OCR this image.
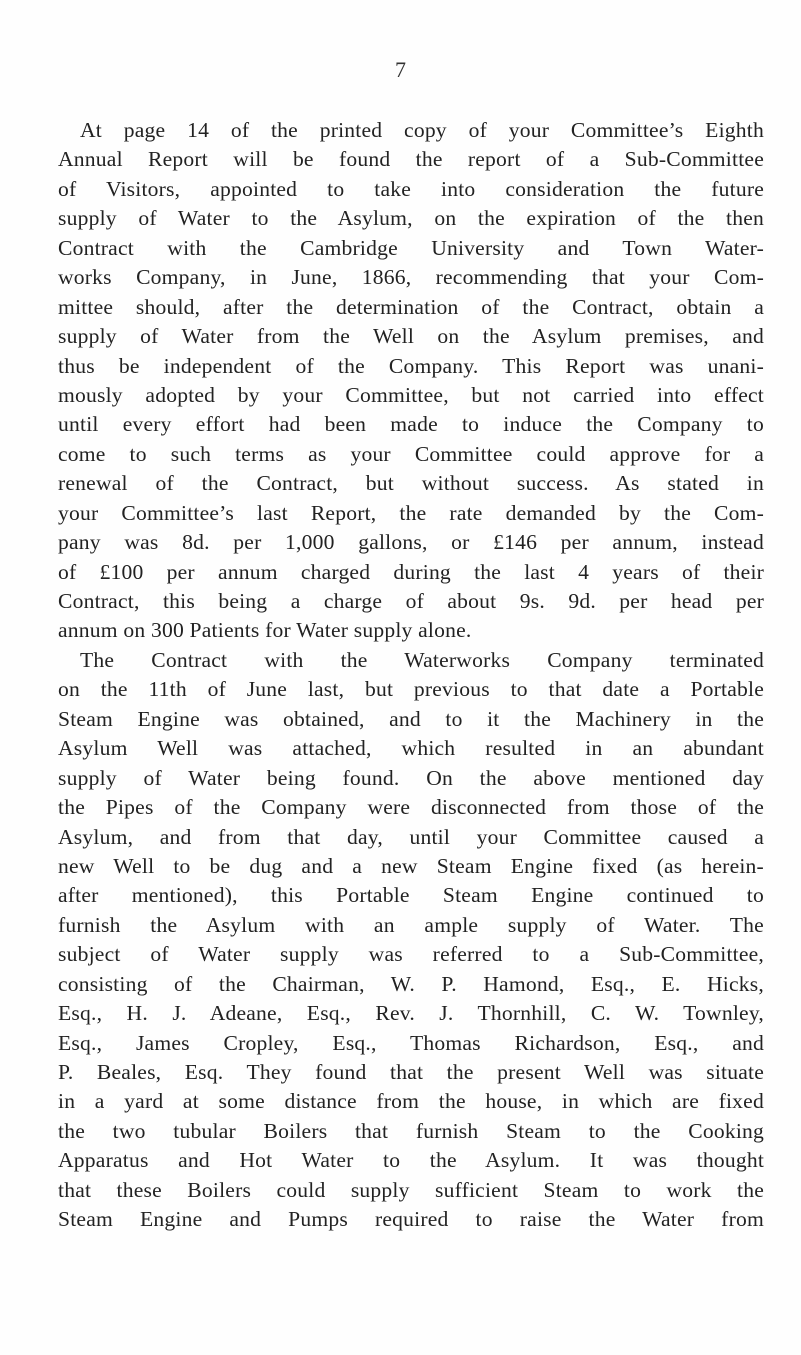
7
At page 14 of the printed copy of your Committee’s Eighth
Annual Report will be found the report of a Sub-Committee
of Visitors, appointed to take into consideration the future
supply of Water to the Asylum, on the expiration of the then
Contract with the Cambridge University and Town Water-
works Company, in June, 1866, recommending that your Com-
mittee should, after the determination of the Contract, obtain a
supply of Water from the Well on the Asylum premises, and
thus be independent of the Company. This Report was unani-
mously adopted by your Committee, but not carried into effect
until every effort had been made to induce the Company to
come to such terms as your Committee could approve for a
renewal of the Contract, but without success. As stated in
your Committee’s last Report, the rate demanded by the Com-
pany was 8d. per 1,000 gallons, or £146 per annum, instead
of £100 per annum charged during the last 4 years of their
Contract, this being a charge of about 9s. 9d. per head per
annum on 300 Patients for Water supply alone.
The Contract with the Waterworks Company terminated
on the 11th of June last, but previous to that date a Portable
Steam Engine was obtained, and to it the Machinery in the
Asylum Well was attached, which resulted in an abundant
supply of Water being found. On the above mentioned day
the Pipes of the Company were disconnected from those of the
Asylum, and from that day, until your Committee caused a
new Well to be dug and a new Steam Engine fixed (as herein-
after mentioned), this Portable Steam Engine continued to
furnish the Asylum with an ample supply of Water. The
subject of Water supply was referred to a Sub-Committee,
consisting of the Chairman, W. P. Hamond, Esq., E. Hicks,
Esq., H. J. Adeane, Esq., Rev. J. Thornhill, C. W. Townley,
Esq., James Cropley, Esq., Thomas Richardson, Esq., and
P. Beales, Esq. They found that the present Well was situate
in a yard at some distance from the house, in which are fixed
the two tubular Boilers that furnish Steam to the Cooking
Apparatus and Hot Water to the Asylum. It was thought
that these Boilers could supply sufficient Steam to work the
Steam Engine and Pumps required to raise the Water from
